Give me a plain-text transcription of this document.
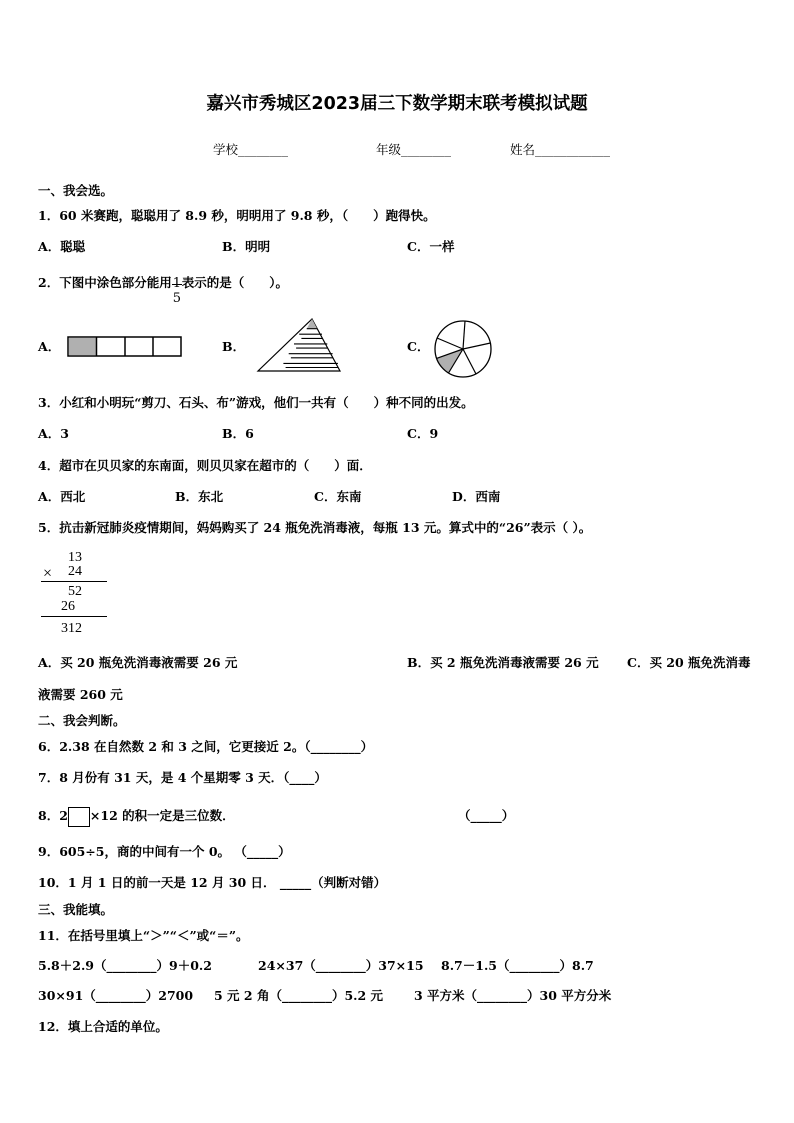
嘉兴市秀城区2023届三下数学期末联考模拟试题
学校________	年级________	姓名____________
一、我会选。
1．60 米赛跑，聪聪用了 8.9 秒，明明用了 9.8 秒，（　　）跑得快。
A．聪聪	B．明明	C．一样
2．下图中涂色部分能用 1
5
表示的是（　　）。
A．	B．	C．
3．小红和小明玩“剪刀、石头、布”游戏，他们一共有（　　）种不同的出发。
A．3	B．6	C．9
4．超市在贝贝家的东南面，则贝贝家在超市的（　　）面．
A．西北	B．东北	C．东南	D．西南
5．抗击新冠肺炎疫情期间，妈妈购买了 24 瓶免洗消毒液，每瓶 13 元。算式中的“26”表示（ ）。
13
× 24
52
26
312
A．买 20 瓶免洗消毒液需要 26 元	B．买 2 瓶免洗消毒液需要 26 元 C．买 20 瓶免洗消毒
液需要 260 元
二、我会判断。
6．2.38 在自然数 2 和 3 之间，它更接近 2。（________）
7．8 月份有 31 天，是 4 个星期零 3 天．（____）
8．2 ×12 的积一定是三位数．	（_____）
9．605÷5，商的中间有一个 0。 （_____）
10．1 月 1 日的前一天是 12 月 30 日． _____（判断对错）
三、我能填。
11．在括号里填上“＞”“＜”或“＝”。
5.8＋2.9（________）9＋0.2	24×37（________）37×15 8.7－1.5（________）8.7
30×91（________）2700 5 元 2 角（________）5.2 元 3 平方米（________）30 平方分米
12．填上合适的单位。
